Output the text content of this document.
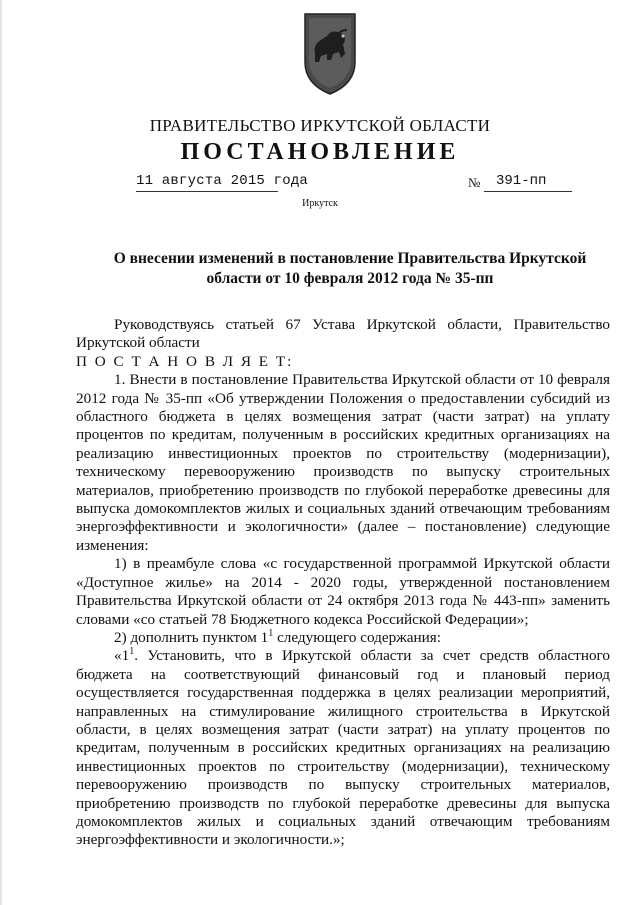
ПРАВИТЕЛЬСТВО ИРКУТСКОЙ ОБЛАСТИ
ПОСТАНОВЛЕНИЕ
11 августа 2015 года	№ 391-пп
Иркутск
О внесении изменений в постановление Правительства Иркутской области от 10 февраля 2012 года № 35-пп

Руководствуясь статьей 67 Устава Иркутской области, Правительство Иркутской области

П О С Т А Н О В Л Я Е Т:

1. Внести в постановление Правительства Иркутской области от 10 февраля 2012 года № 35-пп «Об утверждении Положения о предоставлении субсидий из областного бюджета в целях возмещения затрат (части затрат) на уплату процентов по кредитам, полученным в российских кредитных организациях на реализацию инвестиционных проектов по строительству (модернизации), техническому перевооружению производств по выпуску строительных материалов, приобретению производств по глубокой переработке древесины для выпуска домокомплектов жилых и социальных зданий отвечающим требованиям энергоэффективности и экологичности» (далее – постановление) следующие изменения:

1) в преамбуле слова «с государственной программой Иркутской области «Доступное жилье» на 2014 - 2020 годы, утвержденной постановлением Правительства Иркутской области от 24 октября 2013 года № 443-пп» заменить словами «со статьей 78 Бюджетного кодекса Российской Федерации»;

2) дополнить пунктом $1^1$ следующего содержания:

«$1^1$. Установить, что в Иркутской области за счет средств областного бюджета на соответствующий финансовый год и плановый период осуществляется государственная поддержка в целях реализации мероприятий, направленных на стимулирование жилищного строительства в Иркутской области, в целях возмещения затрат (части затрат) на уплату процентов по кредитам, полученным в российских кредитных организациях на реализацию инвестиционных проектов по строительству (модернизации), техническому перевооружению производств по выпуску строительных материалов, приобретению производств по глубокой переработке древесины для выпуска домокомплектов жилых и социальных зданий отвечающим требованиям энергоэффективности и экологичности.»;
